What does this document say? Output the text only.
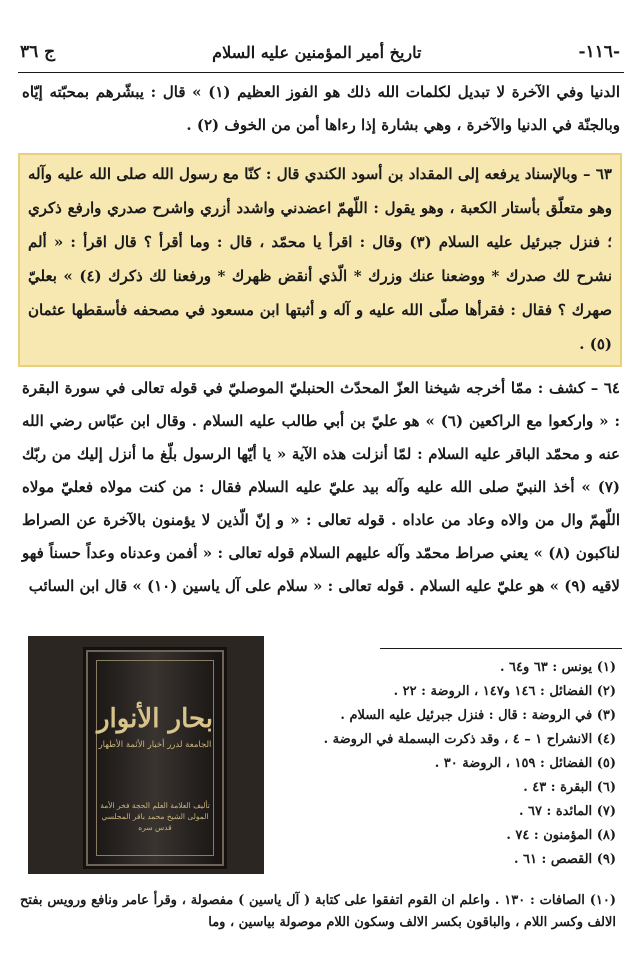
ج ٣٦	تاريخ أمير المؤمنين عليه السلام	-١١٦-
الدنيا وفي الآخرة لا تبديل لكلمات الله ذلك هو الفوز العظيم (١) » قال : يبشّرهم بمحبّته إيّاه وبالجنّة في الدنيا والآخرة ، وهي بشارة إذا رءاها أمن من الخوف (٢) .
٦٣ – وبالإسناد يرفعه إلى المقداد بن أسود الكندي قال : كنّا مع رسول الله صلى الله عليه وآله وهو متعلّق بأستار الكعبة ، وهو يقول : اللّهمّ اعضدني واشدد أزري واشرح صدري وارفع ذكري ؛ فنزل جبرئيل عليه السلام (٣) وقال : اقرأ يا محمّد ، قال : وما أقرأ ؟ قال اقرأ : « ألم نشرح لك صدرك * ووضعنا عنك وزرك * الّذي أنقض ظهرك * ورفعنا لك ذكرك (٤) » بعليّ صهرك ؟ فقال : فقرأها صلّى الله عليه و آله و أثبتها ابن مسعود في مصحفه فأسقطها عثمان (٥) .
٦٤ – كشف : ممّا أخرجه شيخنا العزّ المحدّث الحنبليّ الموصليّ في قوله تعالى في سورة البقرة : « واركعوا مع الراكعين (٦) » هو عليّ بن أبي طالب عليه السلام . وقال ابن عبّاس رضي الله عنه و محمّد الباقر عليه السلام : لمّا أنزلت هذه الآية « يا أيّها الرسول بلّغ ما أنزل إليك من ربّك (٧) » أخذ النبيّ صلى الله عليه وآله بيد عليّ عليه السلام فقال : من كنت مولاه فعليّ مولاه اللّهمّ وال من والاه وعاد من عاداه . قوله تعالى : « و إنّ الّذين لا يؤمنون بالآخرة عن الصراط لناكبون (٨) » يعني صراط محمّد وآله عليهم السلام قوله تعالى : « أفمن وعدناه وعداً حسناً فهو لاقيه (٩) » هو عليّ عليه السلام . قوله تعالى : « سلام على آل ياسين (١٠) » قال ابن السائب
بحار الأنوار
الجامعة لدرر أخبار الأئمة الأطهار
تأليف العلامة العلم الحجة فخر الأمة المولى الشيخ محمد باقر المجلسي قدس سره
(١) يونس : ٦٣ و٦٤ .
(٢) الفضائل : ١٤٦ و١٤٧ ، الروضة : ٢٢ .
(٣) في الروضة : قال : فنزل جبرئيل عليه السلام .
(٤) الانشراح ١ – ٤ ، وقد ذكرت البسملة في الروضة .
(٥) الفضائل : ١٥٩ ، الروضة ٣٠ .
(٦) البقرة : ٤٣ .
(٧) المائدة : ٦٧ .
(٨) المؤمنون : ٧٤ .
(٩) القصص : ٦١ .
(١٠) الصافات : ١٣٠ . واعلم ان القوم اتفقوا على كتابة ( آل ياسين ) مفصولة ، وقرأ عامر ونافع ورويس بفتح الالف وكسر اللام ، والباقون بكسر الالف وسكون اللام موصولة بياسين ، وما
